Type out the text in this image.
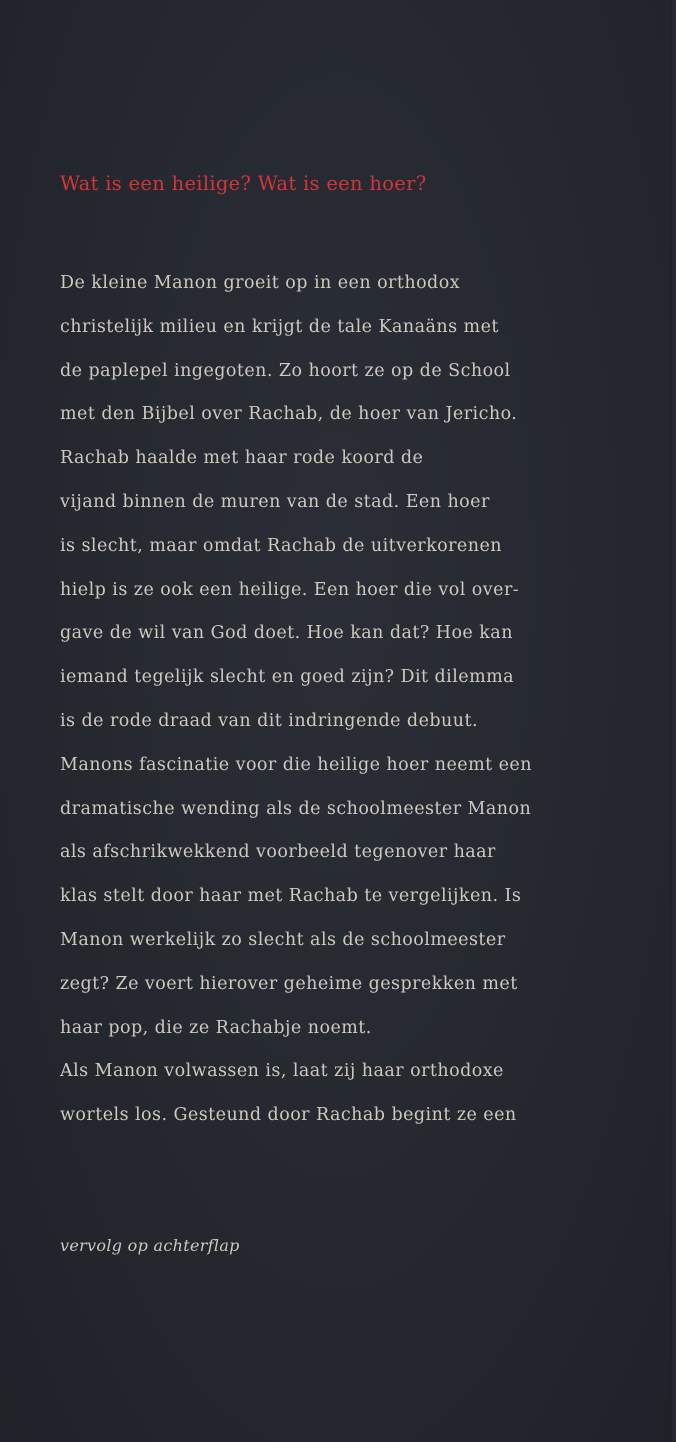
Wat is een heilige? Wat is een hoer?
De kleine Manon groeit op in een orthodox
christelijk milieu en krijgt de tale Kanaäns met
de paplepel ingegoten. Zo hoort ze op de School
met den Bijbel over Rachab, de hoer van Jericho.
Rachab haalde met haar rode koord de
vijand binnen de muren van de stad. Een hoer
is slecht, maar omdat Rachab de uitverkorenen
hielp is ze ook een heilige. Een hoer die vol over-
gave de wil van God doet. Hoe kan dat? Hoe kan
iemand tegelijk slecht en goed zijn? Dit dilemma
is de rode draad van dit indringende debuut.
Manons fascinatie voor die heilige hoer neemt een
dramatische wending als de schoolmeester Manon
als afschrikwekkend voorbeeld tegenover haar
klas stelt door haar met Rachab te vergelijken. Is
Manon werkelijk zo slecht als de schoolmeester
zegt? Ze voert hierover geheime gesprekken met
haar pop, die ze Rachabje noemt.
Als Manon volwassen is, laat zij haar orthodoxe
wortels los. Gesteund door Rachab begint ze een
vervolg op achterflap
